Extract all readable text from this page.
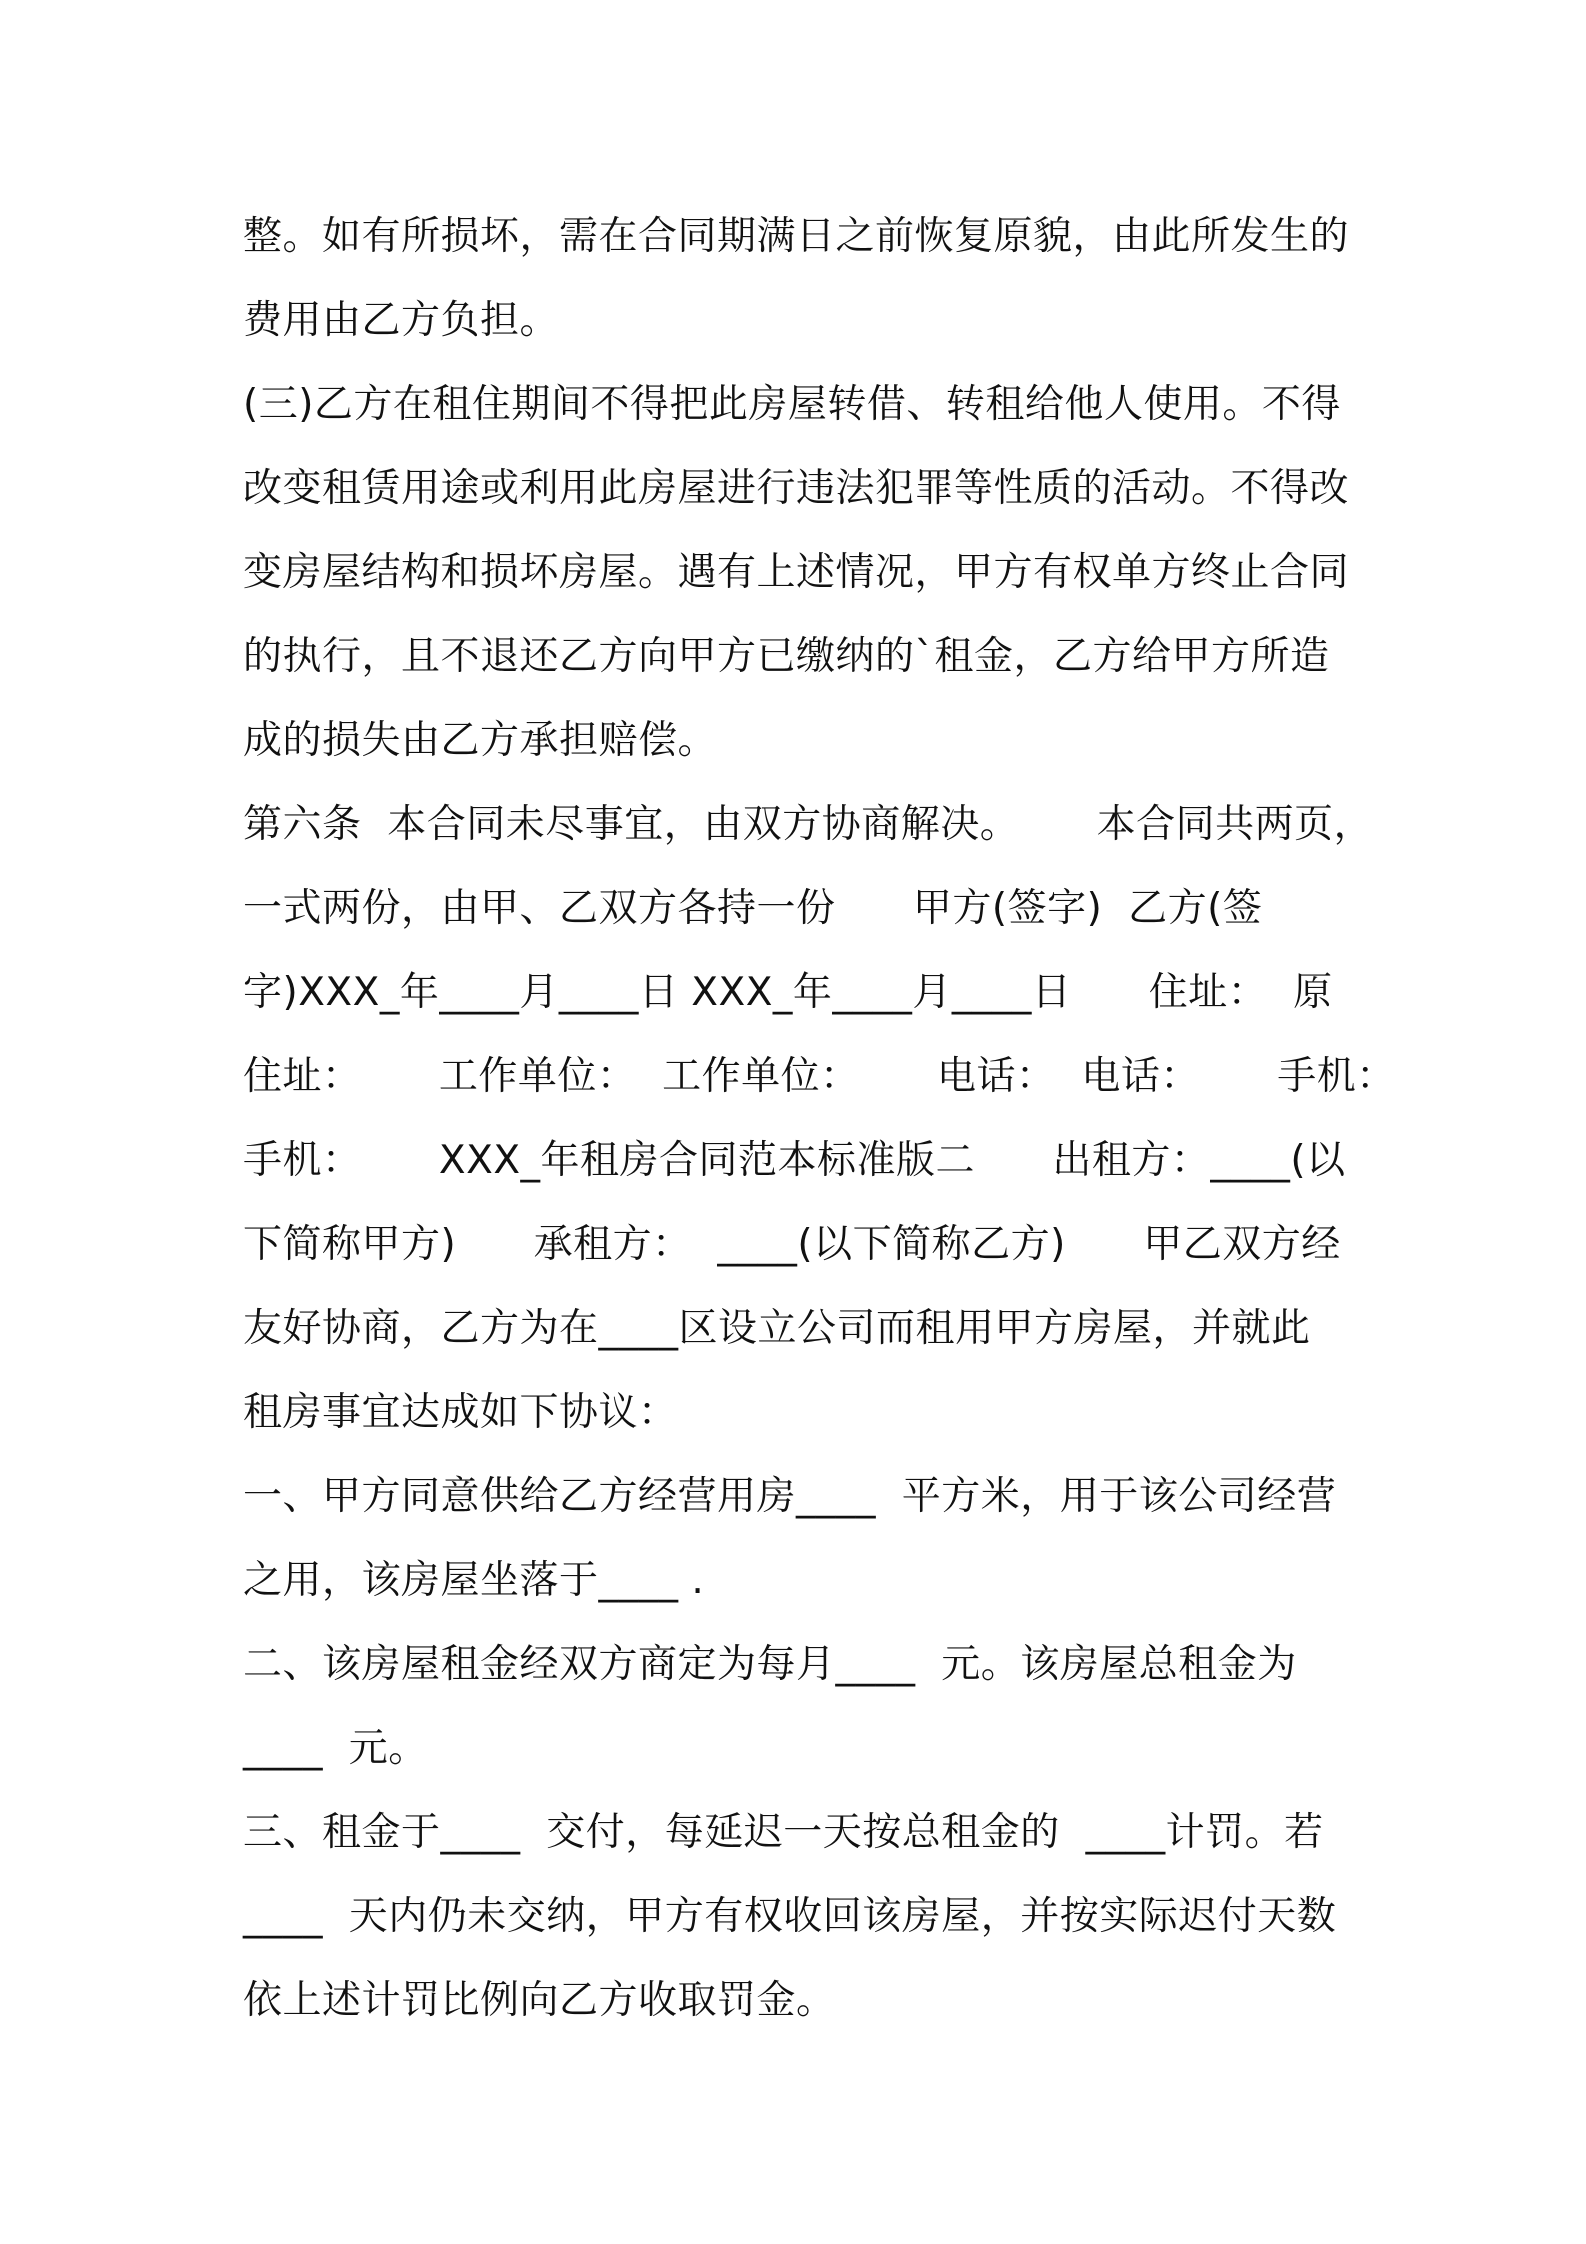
整。如有所损坏，需在合同期满日之前恢复原貌，由此所发生的
费用由乙方负担。
(三)乙方在租住期间不得把此房屋转借、转租给他人使用。不得
改变租赁用途或利用此房屋进行违法犯罪等性质的活动。不得改
变房屋结构和损坏房屋。遇有上述情况，甲方有权单方终止合同
的执行，且不退还乙方向甲方已缴纳的`租金，乙方给甲方所造
成的损失由乙方承担赔偿。
第六条  本合同未尽事宜，由双方协商解决。      本合同共两页，
一式两份，由甲、乙双方各持一份      甲方(签字)  乙方(签
字)XXX_年____月____日 XXX_年____月____日      住址：  原
住址：      工作单位：  工作单位：      电话：  电话：      手机：
手机：      XXX_年租房合同范本标准版二      出租方：____(以
下简称甲方)      承租方：  ____(以下简称乙方)      甲乙双方经
友好协商，乙方为在____区设立公司而租用甲方房屋，并就此
租房事宜达成如下协议：
一、甲方同意供给乙方经营用房____  平方米，用于该公司经营
之用，该房屋坐落于____ .
二、该房屋租金经双方商定为每月____  元。该房屋总租金为
____  元。
三、租金于____  交付，每延迟一天按总租金的  ____计罚。若
____  天内仍未交纳，甲方有权收回该房屋，并按实际迟付天数
依上述计罚比例向乙方收取罚金。
